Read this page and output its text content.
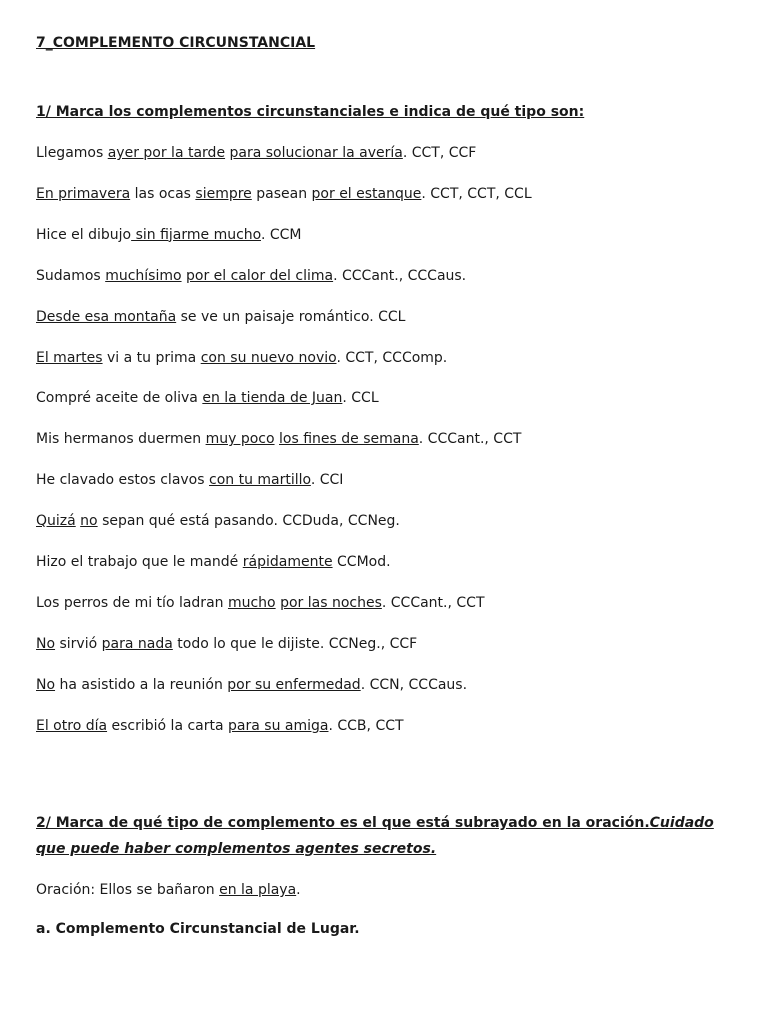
7_COMPLEMENTO CIRCUNSTANCIAL
1/ Marca los complementos circunstanciales e indica de qué tipo son:
Llegamos ayer por la tarde para solucionar la avería. CCT, CCF
En primavera las ocas siempre pasean por el estanque. CCT, CCT, CCL
Hice el dibujo sin fijarme mucho. CCM
Sudamos muchísimo por el calor del clima. CCCant., CCCaus.
Desde esa montaña se ve un paisaje romántico. CCL
El martes vi a tu prima con su nuevo novio. CCT, CCComp.
Compré aceite de oliva en la tienda de Juan. CCL
Mis hermanos duermen muy poco los fines de semana. CCCant., CCT
He clavado estos clavos con tu martillo. CCI
Quizá no sepan qué está pasando. CCDuda, CCNeg.
Hizo el trabajo que le mandé rápidamente CCMod.
Los perros de mi tío ladran mucho por las noches. CCCant., CCT
No sirvió para nada todo lo que le dijiste. CCNeg., CCF
No ha asistido a la reunión por su enfermedad. CCN, CCCaus.
El otro día escribió la carta para su amiga. CCB, CCT
2/ Marca de qué tipo de complemento es el que está subrayado en la oración.Cuidado que puede haber complementos agentes secretos.
Oración: Ellos se bañaron en la playa.
a. Complemento Circunstancial de Lugar.
